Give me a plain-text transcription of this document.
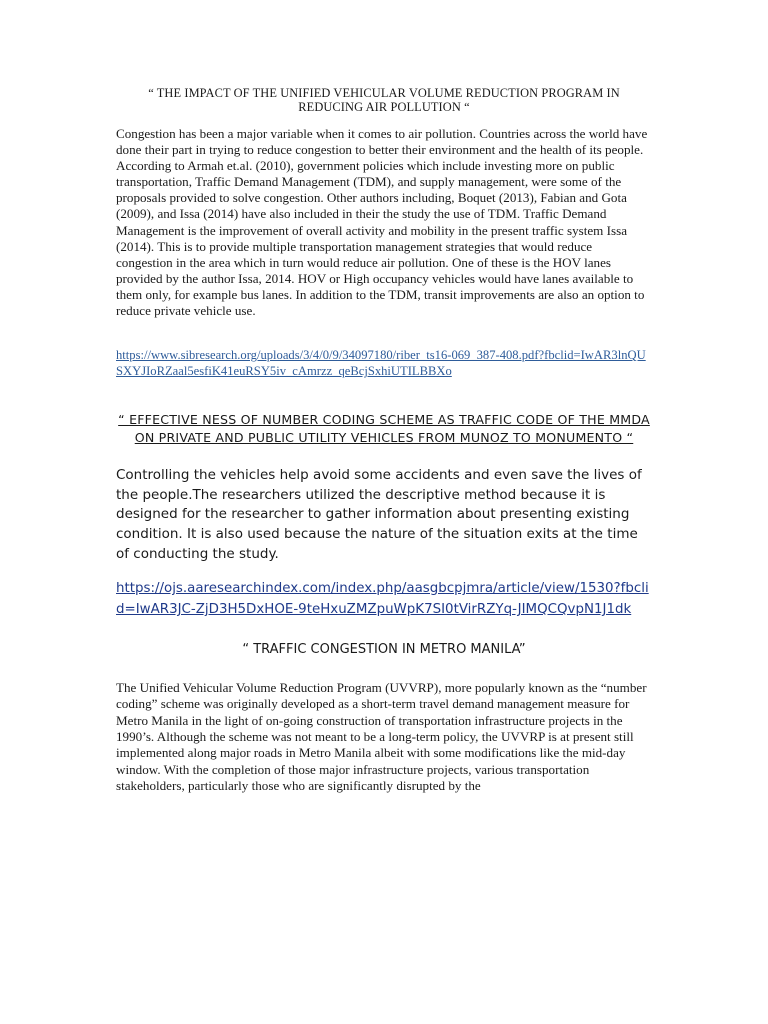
“ THE IMPACT OF THE UNIFIED VEHICULAR VOLUME REDUCTION PROGRAM IN REDUCING AIR POLLUTION “

Congestion has been a major variable when it comes to air pollution. Countries across the world have done their part in trying to reduce congestion to better their environment and the health of its people. According to Armah et.al. (2010), government policies which include investing more on public transportation, Traffic Demand Management (TDM), and supply management, were some of the proposals provided to solve congestion. Other authors including, Boquet (2013), Fabian and Gota (2009), and Issa (2014) have also included in their the study the use of TDM. Traffic Demand Management is the improvement of overall activity and mobility in the present traffic system Issa (2014). This is to provide multiple transportation management strategies that would reduce congestion in the area which in turn would reduce air pollution. One of these is the HOV lanes provided by the author Issa, 2014. HOV or High occupancy vehicles would have lanes available to them only, for example bus lanes. In addition to the TDM, transit improvements are also an option to reduce private vehicle use.

https://www.sibresearch.org/uploads/3/4/0/9/34097180/riber_ts16-069_387-408.pdf?fbclid=IwAR3lnQUSXYJIoRZaal5esfiK41euRSY5iv_cAmrzz_qeBcjSxhiUTILBBXo
“ EFFECTIVE NESS OF NUMBER CODING SCHEME AS TRAFFIC CODE OF THE MMDA ON PRIVATE AND PUBLIC UTILITY VEHICLES FROM MUNOZ TO MONUMENTO “

Controlling the vehicles help avoid some accidents and even save the lives of the people.The researchers utilized the descriptive method because it is designed for the researcher to gather information about presenting existing condition. It is also used because the nature of the situation exits at the time of conducting the study.

https://ojs.aaresearchindex.com/index.php/aasgbcpjmra/article/view/1530?fbclid=IwAR3JC-ZjD3H5DxHOE-9teHxuZMZpuWpK7SI0tVirRZYq-JIMQCQvpN1J1dk
“ TRAFFIC CONGESTION IN METRO MANILA”

The Unified Vehicular Volume Reduction Program (UVVRP), more popularly known as the “number coding” scheme was originally developed as a short-term travel demand management measure for Metro Manila in the light of on-going construction of transportation infrastructure projects in the 1990’s. Although the scheme was not meant to be a long-term policy, the UVVRP is at present still implemented along major roads in Metro Manila albeit with some modifications like the mid-day window. With the completion of those major infrastructure projects, various transportation stakeholders, particularly those who are significantly disrupted by the
